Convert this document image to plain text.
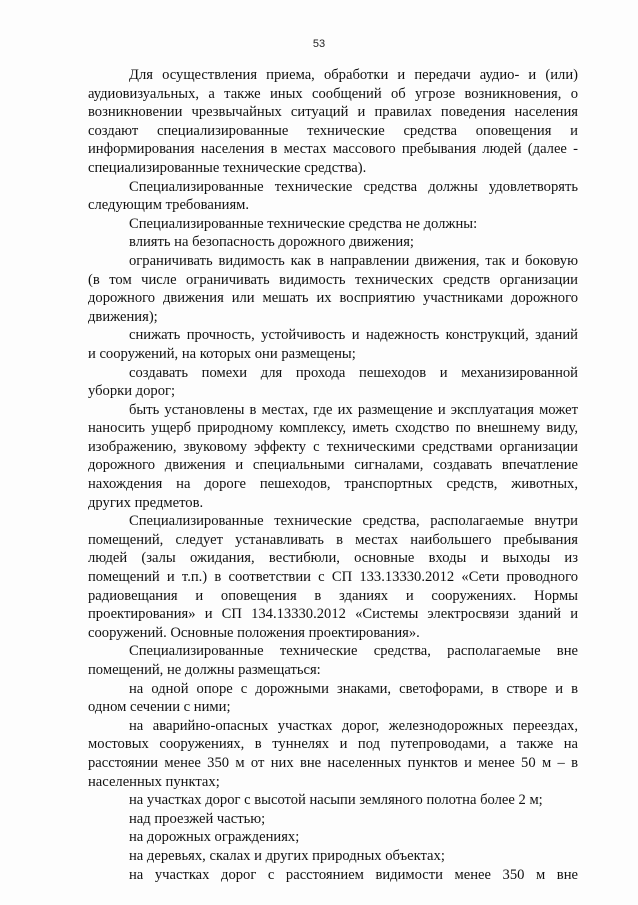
53
Для осуществления приема, обработки и передачи аудио- и (или)
аудиовизуальных, а также иных сообщений об угрозе возникновения, о
возникновении чрезвычайных ситуаций и правилах поведения населения
создают специализированные технические средства оповещения и
информирования населения в местах массового пребывания людей (далее -
специализированные технические средства).
Специализированные технические средства должны удовлетворять
следующим требованиям.
Специализированные технические средства не должны:
влиять на безопасность дорожного движения;
ограничивать видимость как в направлении движения, так и боковую
(в том числе ограничивать видимость технических средств организации
дорожного движения или мешать их восприятию участниками дорожного
движения);
снижать прочность, устойчивость и надежность конструкций, зданий
и сооружений, на которых они размещены;
создавать помехи для прохода пешеходов и механизированной
уборки дорог;
быть установлены в местах, где их размещение и эксплуатация может
наносить ущерб природному комплексу, иметь сходство по внешнему виду,
изображению, звуковому эффекту с техническими средствами организации
дорожного движения и специальными сигналами, создавать впечатление
нахождения на дороге пешеходов, транспортных средств, животных,
других предметов.
Специализированные технические средства, располагаемые внутри
помещений, следует устанавливать в местах наибольшего пребывания
людей (залы ожидания, вестибюли, основные входы и выходы из
помещений и т.п.) в соответствии с СП 133.13330.2012 «Сети проводного
радиовещания и оповещения в зданиях и сооружениях. Нормы
проектирования» и СП 134.13330.2012 «Системы электросвязи зданий и
сооружений. Основные положения проектирования».
Специализированные технические средства, располагаемые вне
помещений, не должны размещаться:
на одной опоре с дорожными знаками, светофорами, в створе и в
одном сечении с ними;
на аварийно-опасных участках дорог, железнодорожных переездах,
мостовых сооружениях, в туннелях и под путепроводами, а также на
расстоянии менее 350 м от них вне населенных пунктов и менее 50 м – в
населенных пунктах;
на участках дорог с высотой насыпи земляного полотна более 2 м;
над проезжей частью;
на дорожных ограждениях;
на деревьях, скалах и других природных объектах;
на участках дорог с расстоянием видимости менее 350 м вне
